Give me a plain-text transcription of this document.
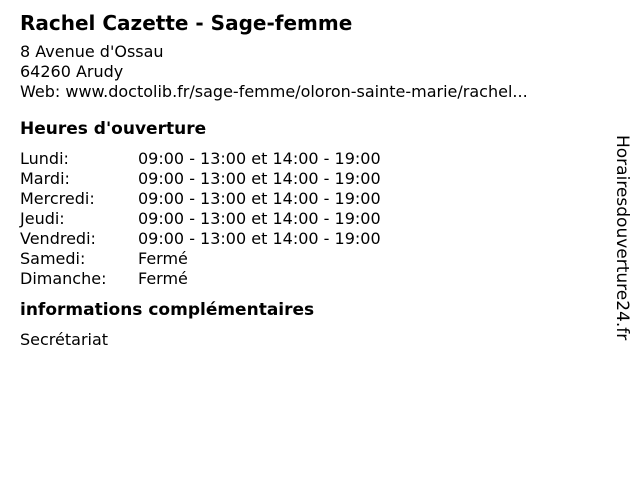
Rachel Cazette - Sage-femme
8 Avenue d'Ossau
64260 Arudy
Web: www.doctolib.fr/sage-femme/oloron-sainte-marie/rachel...
Heures d'ouverture
Lundi:	09:00 - 13:00 et 14:00 - 19:00
Mardi:	09:00 - 13:00 et 14:00 - 19:00
Mercredi:	09:00 - 13:00 et 14:00 - 19:00
Jeudi:	09:00 - 13:00 et 14:00 - 19:00
Vendredi:	09:00 - 13:00 et 14:00 - 19:00
Samedi:	Fermé
Dimanche: Fermé
informations complémentaires
Secrétariat	Horairesdouverture24.fr
